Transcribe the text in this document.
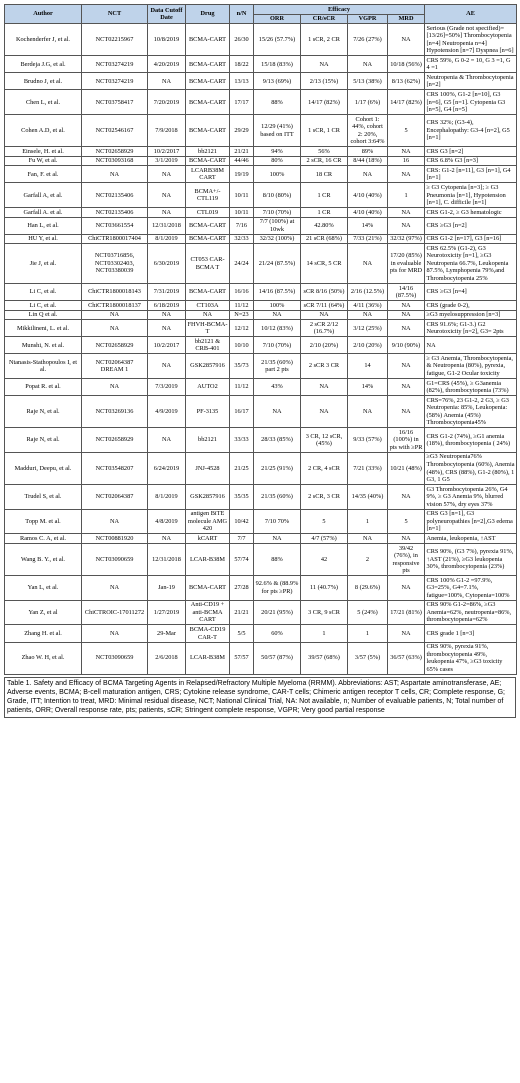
Author	NCT	Data Cutoff Date	Drug	n/N	Efficacy				AE
					ORR	CR/sCR	VGPR	MRD	
Kochenderfer J, et al.	NCT02215967	10/8/2019	BCMA-CART	26/30	15/26 (57.7%)	1 sCR, 2 CR	7/26 (27%)	NA	Serious (Grade not specified)=[13/26]=50%] Thrombocytopenia [n=4] Neutropenia n=4] Hypotension [n=7] Dyspnea [n=6]
Berdeja J.G, et al.	NCT03274219	4/20/2019	BCMA-CART	18/22	15/18 (83%)	NA	NA	10/18 (56%)	CRS 59%, G 0-2 = 10, G 3 =1, G 4 =1
Brudno J, et al.	NCT03274219	NA	BCMA-CART	13/13	9/13 (69%)	2/13 (15%)	5/13 (38%)	8/13 (62%)	Neutropenia & Thrombocytopenia [n=2]
Chen L, et al.	NCT03758417	7/20/2019	BCMA-CART	17/17	88%	14/17 (82%)	1/17 (6%)	14/17 (82%)	CRS 100%, G1-2 [n=10], G3 [n=6], G5 [n=1]. Cytopenia G3 [n=5], G4 [n=5]
Cohen A.D, et al.	NCT02546167	7/9/2018	BCMA-CART	29/29	12/29 (41%) based on ITT	1 sCR, 1 CR	Cohort 1: 44%, cohort 2: 20%, cohort 3:64%	5	CRS 32%; (G3-4), Encephalopathy: G3-4 [n=2], G5 [n=1]
Einsele, H. et al.	NCT02658929	10/2/2017	bb2121	21/21	94%	56%	89%	NA	CRS G3 [n=2]
Fu W, et al.	NCT03093168	3/1/2019	BCMA-CART	44/46	80%	2 sCR, 16 CR	8/44 (18%)	16	CRS 6.8% G3 [n=3]
Fan, F. et al.	NA	NA	LCARB38M CART	19/19	100%	18 CR	NA	NA	CRS: G1-2 [n=11], G3 [n=1], G4 [n=1]
Garfall A, et al.	NCT02135406	NA	BCMA+/- CTL119	10/11	8/10 (80%)	1 CR	4/10 (40%)	1	≥ G3 Cytopenia [n=3]; ≥ G3 Pneumonia [n=1], Hypotension [n=1], C. difficile [n=1]
Garfall A. et al.	NCT02135406	NA	CTL019	10/11	7/10 (70%)	1 CR	4/10 (40%)	NA	CRS G1-2, ≥ G3 hematologic
Han L, et al.	NCT03661554	12/31/2018	BCMA-CART	7/16	7/7 (100%) at 10wk	42.80%	14%	NA	CRS ≥G3 [n=2]
HU Y, et al.	ChiCTR1800017404	8/1/2019	BCMA-CART	32/33	32/32 (100%)	21 sCR (68%)	7/33 (21%)	32/32 (97%)	CRS G1-2 [n=17], G3 [n=16]
Jie J, et al.	NCT03716856, NCT03302403, NCT03380039	6/30/2019	CT053 CAR-BCMA T	24/24	21/24 (87.5%)	14 sCR, 5 CR	NA	17/20 (85%) in evaluable pts for MRD	CRS 62.5% (G1-2), G3 Neurotoxicity [n=1], ≥G3 Neutropenia 66.7%, Leukopenia 87.5%, Lymphopenia 79%,and Thrombocytopenia 25%
Li C, et al.	ChiCTR1800018143	7/31/2019	BCMA-CART	16/16	14/16 (87.5%)	sCR 8/16 (50%)	2/16 (12.5%)	14/16 (87.5%)	CRS ≥G3 [n=4]
Li C, et al.	ChiCTR1800018137	6/18/2019	CT103A	11/12	100%	sCR 7/11 (64%)	4/11 (36%)	NA	CRS (grade 0-2),
Lin Q et al.	NA	NA	NA	N=23	NA	NA	NA	NA	≥G3 myelosuppression [n=3]
Mikkilineni, L. et al.	NA	NA	FHVH-BCMA-T	12/12	10/12 (83%)	2 sCR 2/12 (16.7%)	3/12 (25%)	NA	CRS 91.6%; G1-3.) G2 Neurotoxicity [n=2], G3= 2pts
Munshi, N. et al.	NCT02658929	10/2/2017	bb2121 & CRB-401	10/10	7/10 (70%)	2/10 (20%)	2/10 (20%)	9/10 (90%)	NA
Ntanasis-Stathopoulos I, et al.	NCT02064387 DREAM 1	NA	GSK2857916	35/73	21/35 (60%) part 2 pts	2 sCR 3 CR	14	NA	≥ G3 Anemia, Thrombocytopenia, & Neutropenia (80%), pyrexia, fatigue, G1-2 Ocular toxicity
Popat R. et al.	NA	7/3/2019	AUTO2	11/12	43%	NA	14%	NA	G1=CRS (45%), ≥ G3anemia (82%), thrombocytopenia (73%)
Raje N, et al.	NCT03269136	4/9/2019	PF-3135	16/17	NA	NA	NA	NA	CRS=76%, 23 G1-2, 2 G3, ≥ G3 Neutropenia: 85%, Leukopenia: (58%) Anemia (45%) Thrombocytopenia45%
Raje N, et al.	NCT02658929	NA	bb2121	33/33	28/33 (85%)	3 CR, 12 sCR, (45%)	9/33 (57%)	16/16 (100%) in pts with ≥PR	CRS G1-2 (74%), ≥G1 anemia (18%), thrombocytopenia ( 24%)
Madduri, Deepu, et al.	NCT03548207	6/24/2019	JNJ-4528	21/25	21/25 (91%)	2 CR, 4 sCR	7/21 (33%)	10/21 (48%)	≥G3 Neutropenia76% Thrombocytopenia (60%), Anemia (48%), CRS (88%), G1-2 (80%), 1 G3, 1 G5
Trudel S, et al.	NCT02064387	8/1/2019	GSK2857916	35/35	21/35 (60%)	2 sCR, 3 CR	14/35 (40%)	NA	G3 Thrombocytopenia 26%, G4 9%, ≥ G3 Anemia 9%, blurred vision 57%, dry eyes 37%
Topp M. et al.	NA	4/8/2019	antigen BiTE molecule AMG 420	10/42	7/10 70%	5	1	5	CRS G3 [n=1], G3 polyneuropathies [n=2],G3 edema [n=1]
Ramos C. A, et al.	NCT00881920	NA	kCART	7/7	NA	4/7 (57%)	NA	NA	Anemia, leukopenia, ↑AST
Wang B. Y., et al.	NCT03090659	12/31/2018	LCAR-B38M	57/74	88%	42	2	39/42 (76%), in responsive pts	CRS 90%, (G3 7%), pyrexia 91%, ↑AST (21%), ≥G3 leukopenia 30%, thrombocytopenia (23%)
Yan L, et al.	NA	Jan-19	BCMA-CART	27/28	92.6% & (88.9% for pts ≥PR)	11 (40.7%)	8 (29.6%)	NA	CRS 100% G1-2 =97.9%, G3=25%, G4=7.1%, fatigue=100%, Cytopenia=100%
Yan Z, et al	ChiCTROIC-17011272	1/27/2019	Anti-CD19 + anti-BCMA CART	21/21	20/21 (95%)	3 CR, 9 sCR	5 (24%)	17/21 (81%)	CRS 90% G1-2=86%, ≥G3 Anemia=62%, neutropenia=86%, thrombocytopenia=62%
Zhang H. et al.	NA	29-Mar	BCMA-CD19 CAR-T	5/5	60%	1	1	NA	CRS grade 1 [n=3]
Zhao W. H, et al.	NCT03090659	2/6/2018	LCAR-B38M	57/57	50/57 (87%)	39/57 (68%)	3/57 (5%)	36/57 (63%)	CRS 90%, pyrexia 91%, thrombocytopenia 49%, leukopenia 47%, ≥G3 toxicity 65% cases
Table 1. Safety and Efficacy of BCMA Targeting Agents in Relapsed/Refractory Multiple Myeloma (RRMM). Abbreviations: AST; Aspartate aminotransferase, AE; Adverse events, BCMA; B-cell maturation antigen, CRS; Cytokine release syndrome, CAR-T cells; Chimeric antigen receptor T cells, CR; Complete response, G; Grade, ITT; Intention to treat, MRD: Minimal residual disease, NCT; National Clinical Trial, NA: Not available, n; Number of evaluable patients, N; Total number of patients, ORR; Overall response rate, pts; patients, sCR; Stringent complete response, VGPR; Very good partial response
